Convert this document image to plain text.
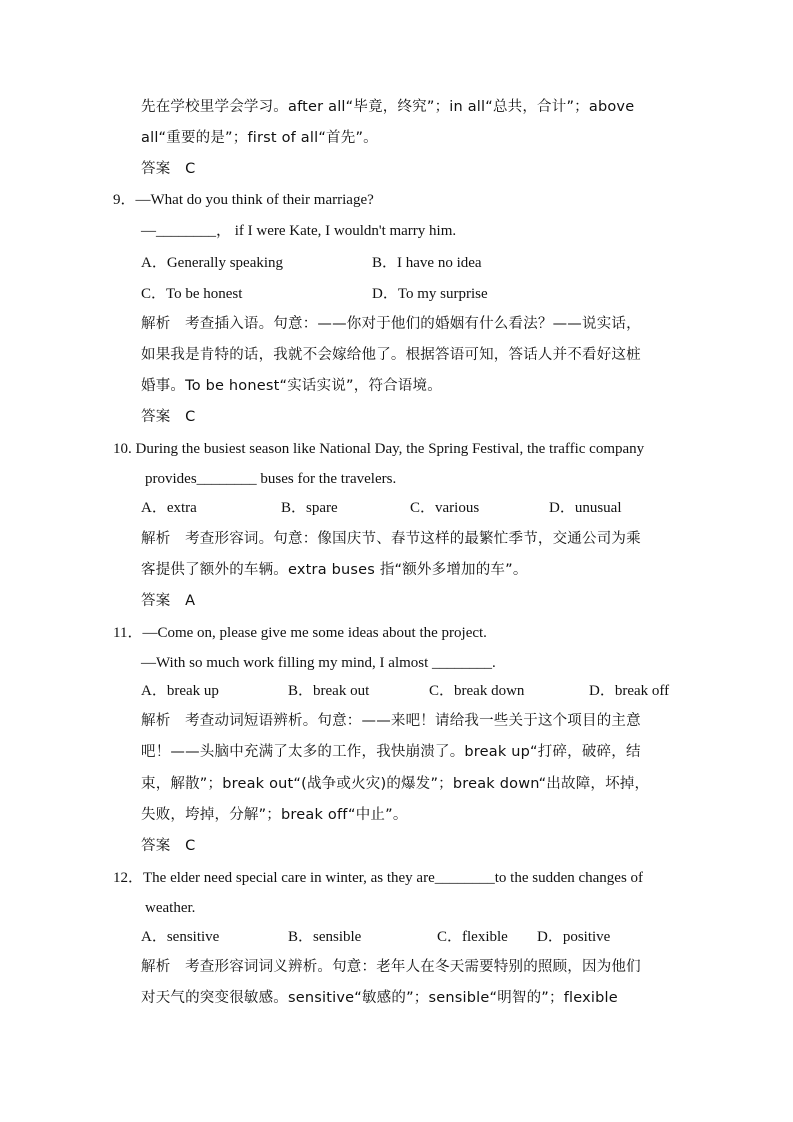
先在学校里学会学习。after all“毕竟，终究”；in all“总共，合计”；above
all“重要的是”；first of all“首先”。
答案　C
9．—What do you think of their marriage?
—________， if I were Kate, I wouldn't marry him.
解析　考查插入语。句意：——你对于他们的婚姻有什么看法？——说实话，
如果我是肯特的话，我就不会嫁给他了。根据答语可知，答话人并不看好这桩
婚事。To be honest“实话实说”，符合语境。
答案　C
10. During the busiest season like National Day, the Spring Festival, the traffic company
provides________ buses for the travelers.
解析　考查形容词。句意：像国庆节、春节这样的最繁忙季节，交通公司为乘
客提供了额外的车辆。extra buses 指“额外多增加的车”。
答案　A
11．—Come on, please give me some ideas about the project.
—With so much work filling my mind, I almost ________.
解析　考查动词短语辨析。句意：——来吧！请给我一些关于这个项目的主意
吧！——头脑中充满了太多的工作，我快崩溃了。break up“打碎，破碎，结
束，解散”；break out“(战争或火灾)的爆发”；break down“出故障，坏掉，
失败，垮掉，分解”；break off“中止”。
答案　C
12．The elder need special care in winter, as they are________to the sudden changes of
weather.
解析　考查形容词词义辨析。句意：老年人在冬天需要特别的照顾，因为他们
对天气的突变很敏感。sensitive“敏感的”；sensible“明智的”；flexible
A．Generally speaking	B．I have no idea
C．To be honest	D．To my surprise
A．extra	B．spare	C．various	D．unusual
A．break up	B．break out	C．break down	D．break off
A．sensitive	B．sensible	C．flexible D．positive
